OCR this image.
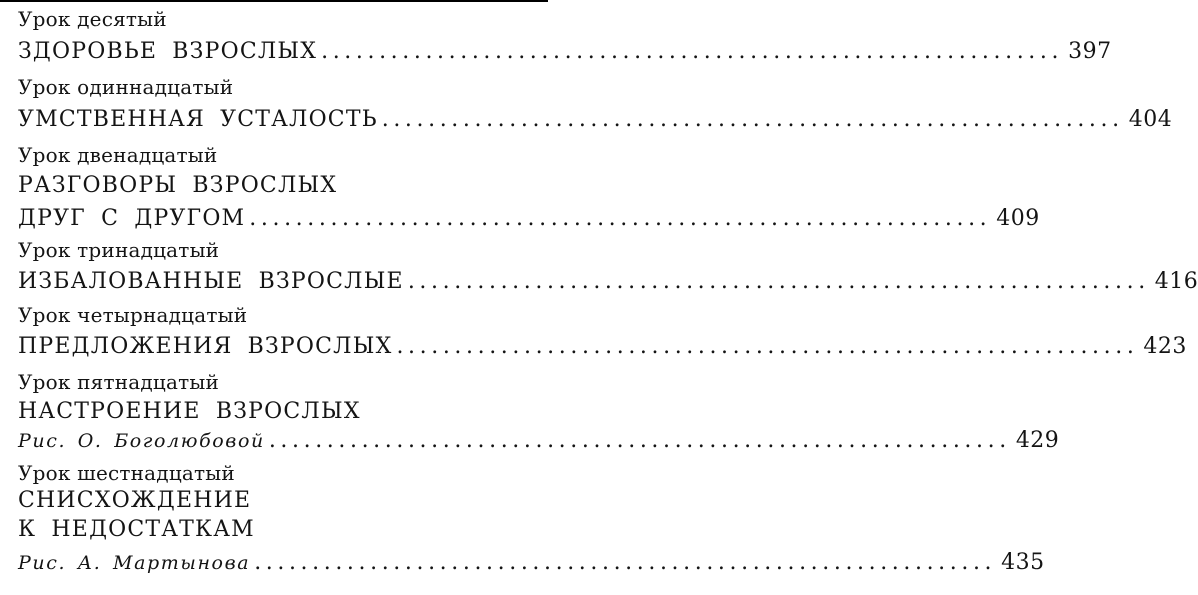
Урок десятый
ЗДОРОВЬЕ ВЗРОСЛЫХ ................................................................ 397
Урок одиннадцатый
УМСТВЕННАЯ УСТАЛОСТЬ ................................................................ 404
Урок двенадцатый
РАЗГОВОРЫ ВЗРОСЛЫХ
ДРУГ С ДРУГОМ ................................................................ 409
Урок тринадцатый
ИЗБАЛОВАННЫЕ ВЗРОСЛЫЕ ................................................................ 416
Урок четырнадцатый
ПРЕДЛОЖЕНИЯ ВЗРОСЛЫХ ................................................................ 423
Урок пятнадцатый
НАСТРОЕНИЕ ВЗРОСЛЫХ
Рис. О. Боголюбовой ................................................................ 429
Урок шестнадцатый
СНИСХОЖДЕНИЕ
К НЕДОСТАТКАМ
Рис. А. Мартынова ................................................................ 435
